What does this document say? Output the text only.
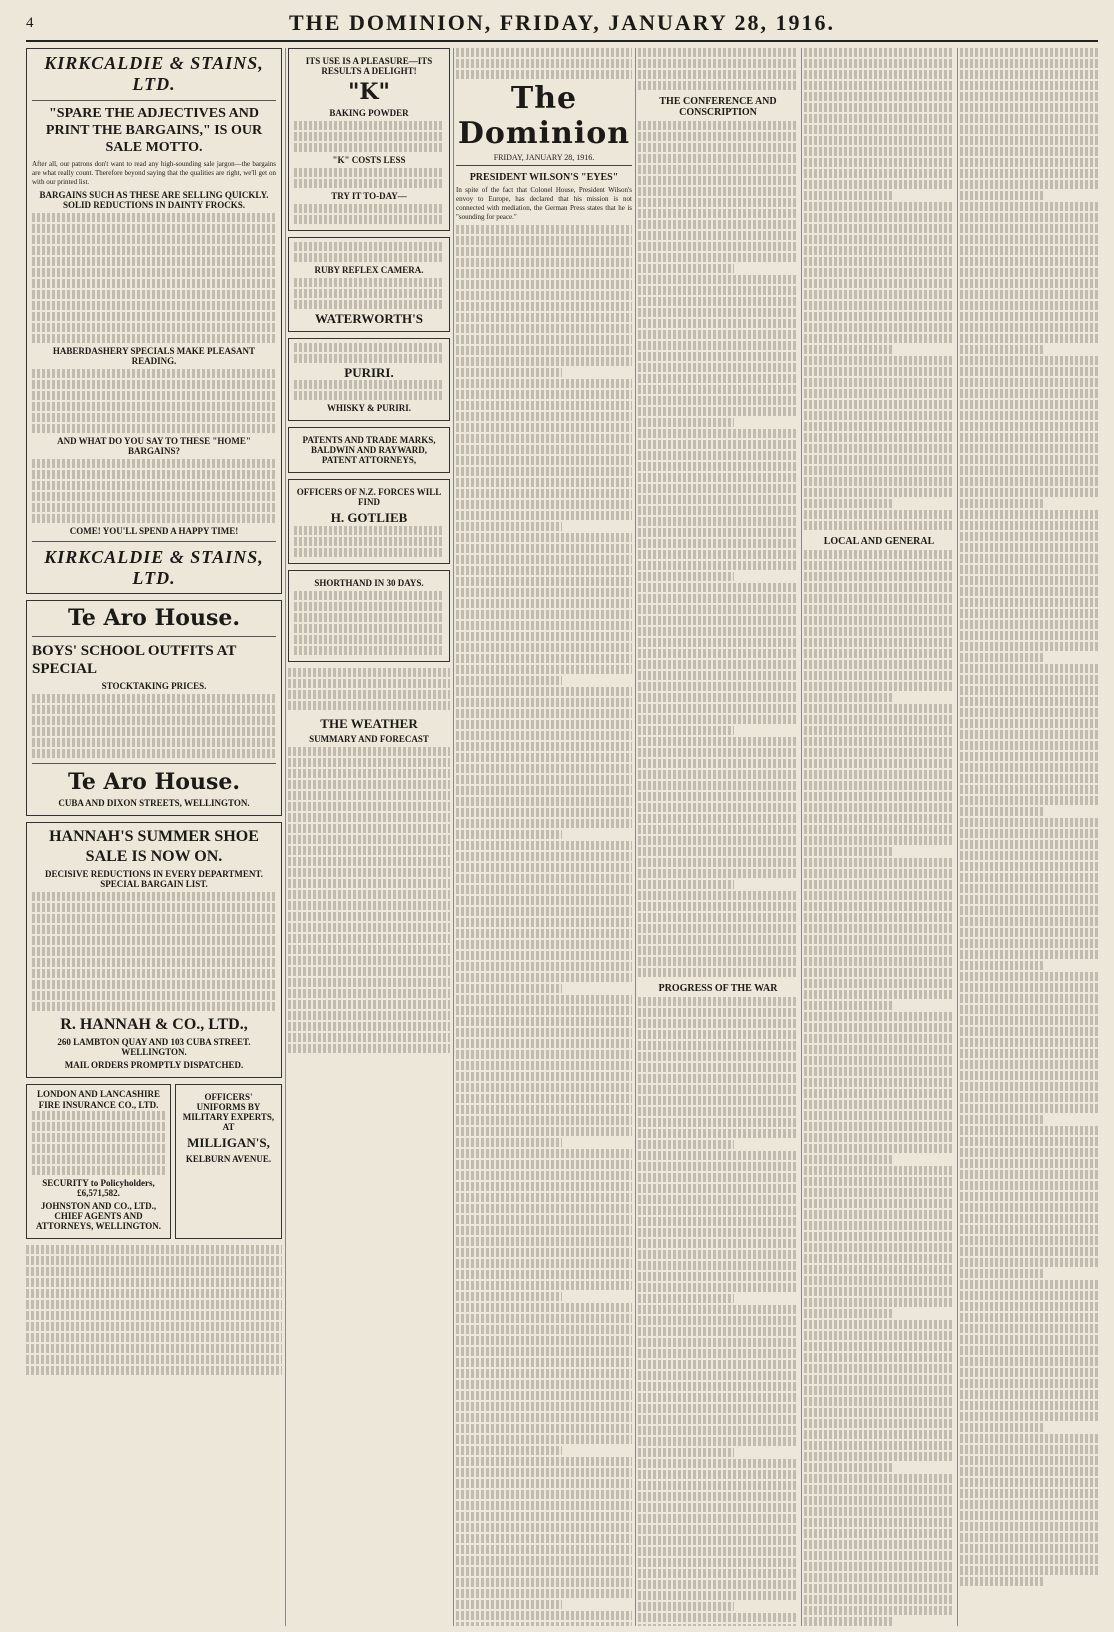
4	THE DOMINION, FRIDAY, JANUARY 28, 1916.
KIRKCALDIE & STAINS, LTD.
"SPARE THE ADJECTIVES AND PRINT THE BARGAINS," IS OUR SALE MOTTO.

After all, our patrons don't want to read any high-sounding sale jargon—the bargains are what really count. Therefore beyond saying that the qualities are right, we'll get on with our printed list.

BARGAINS SUCH AS THESE ARE SELLING QUICKLY. SOLID REDUCTIONS IN DAINTY FROCKS.
HABERDASHERY SPECIALS MAKE PLEASANT READING.
AND WHAT DO YOU SAY TO THESE "HOME" BARGAINS?
COME! YOU'LL SPEND A HAPPY TIME!
KIRKCALDIE & STAINS, LTD.
Te Aro House.
BOYS' SCHOOL OUTFITS AT SPECIAL
STOCKTAKING PRICES.
Te Aro House.
CUBA AND DIXON STREETS, WELLINGTON.
HANNAH'S SUMMER SHOE SALE IS NOW ON.
DECISIVE REDUCTIONS IN EVERY DEPARTMENT. SPECIAL BARGAIN LIST.
R. HANNAH & CO., LTD.,
260 LAMBTON QUAY AND 103 CUBA STREET. WELLINGTON.
MAIL ORDERS PROMPTLY DISPATCHED.
LONDON AND LANCASHIRE FIRE INSURANCE CO., LTD.
SECURITY to Policyholders, £6,571,582.
JOHNSTON AND CO., LTD., CHIEF AGENTS AND ATTORNEYS, WELLINGTON.
OFFICERS' UNIFORMS BY MILITARY EXPERTS, AT
MILLIGAN'S,
KELBURN AVENUE.
ITS USE IS A PLEASURE—ITS RESULTS A DELIGHT!
"K"
BAKING POWDER
"K" COSTS LESS
TRY IT TO-DAY—
RUBY REFLEX CAMERA.
WATERWORTH'S
PURIRI.
WHISKY & PURIRI.
PATENTS AND TRADE MARKS, BALDWIN AND RAYWARD, PATENT ATTORNEYS,
OFFICERS OF N.Z. FORCES WILL FIND
H. GOTLIEB
SHORTHAND IN 30 DAYS.
THE WEATHER
SUMMARY AND FORECAST
The Dominion
FRIDAY, JANUARY 28, 1916.
PRESIDENT WILSON'S "EYES"

In spite of the fact that Colonel House, President Wilson's envoy to Europe, has declared that his mission is not connected with mediation, the German Press states that he is "sounding for peace."

THE CONFERENCE AND CONSCRIPTION
PROGRESS OF THE WAR
LOCAL AND GENERAL
